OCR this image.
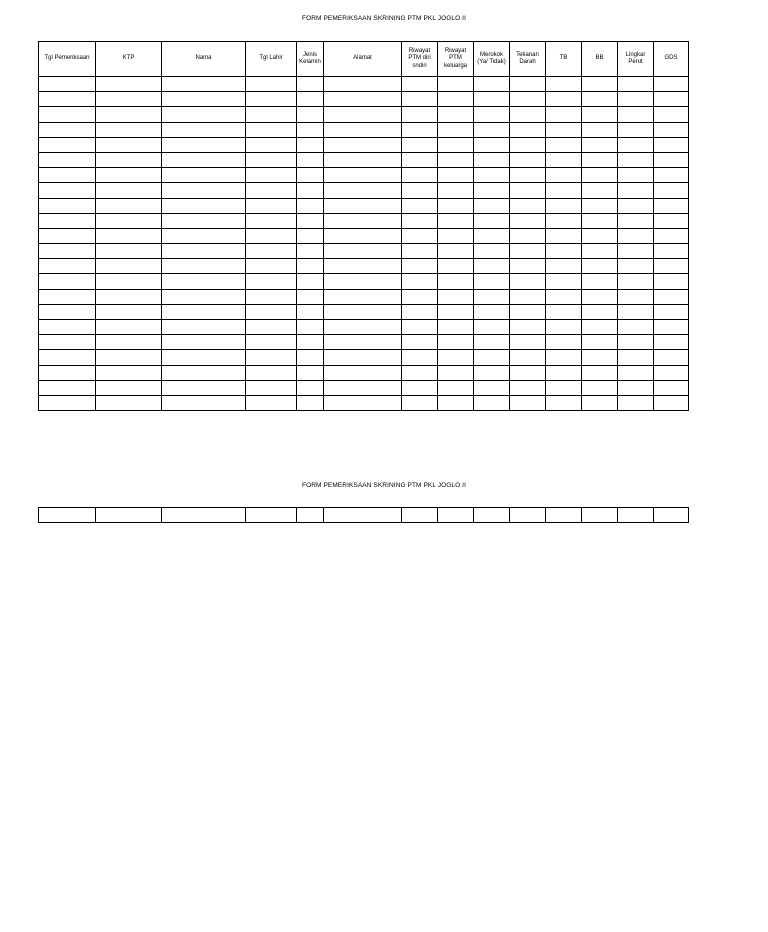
FORM PEMERIKSAAN SKRINING PTM PKL JOGLO II
Tgl Pemeriksaan	KTP	Nama	Tgl Lahir	Jenis Kelamin	Alamat	Riwayat PTM diri sndiri	Riwayat PTM keluarga	Merokok (Ya/ Tidak)	Tekanan Darah	TB	BB	Lingkar Perut	GDS

FORM PEMERIKSAAN SKRINING PTM PKL JOGLO II
